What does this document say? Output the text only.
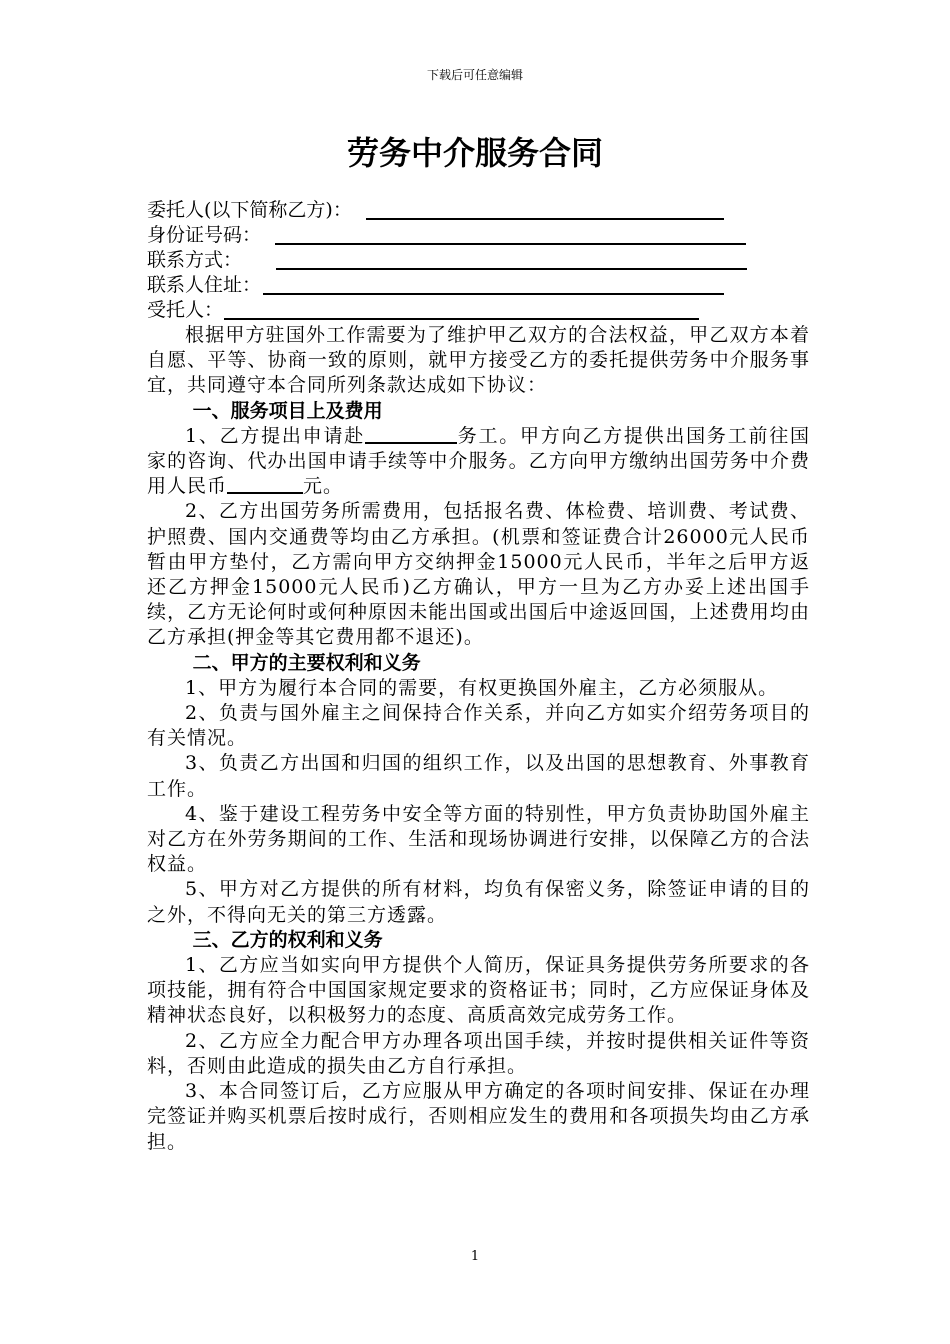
下载后可任意编辑
劳务中介服务合同
委托人(以下简称乙方)：
身份证号码：
联系方式：
联系人住址：
受托人：

根据甲方驻国外工作需要为了维护甲乙双方的合法权益，甲乙双方本着自愿、平等、协商一致的原则，就甲方接受乙方的委托提供劳务中介服务事宜，共同遵守本合同所列条款达成如下协议：

一、服务项目上及费用

1、乙方提出申请赴	务工。甲方向乙方提供出国务工前往国家的咨询、代办出国申请手续等中介服务。乙方向甲方缴纳出国劳务中介费用人民币	元。

2、乙方出国劳务所需费用，包括报名费、体检费、培训费、考试费、护照费、国内交通费等均由乙方承担。(机票和签证费合计26000元人民币暂由甲方垫付，乙方需向甲方交纳押金15000元人民币，半年之后甲方返还乙方押金15000元人民币)乙方确认，甲方一旦为乙方办妥上述出国手续，乙方无论何时或何种原因未能出国或出国后中途返回国，上述费用均由乙方承担(押金等其它费用都不退还)。

二、甲方的主要权利和义务

1、甲方为履行本合同的需要，有权更换国外雇主，乙方必须服从。

2、负责与国外雇主之间保持合作关系，并向乙方如实介绍劳务项目的有关情况。

3、负责乙方出国和归国的组织工作，以及出国的思想教育、外事教育工作。

4、鉴于建设工程劳务中安全等方面的特别性，甲方负责协助国外雇主对乙方在外劳务期间的工作、生活和现场协调进行安排，以保障乙方的合法权益。

5、甲方对乙方提供的所有材料，均负有保密义务，除签证申请的目的之外，不得向无关的第三方透露。

三、乙方的权利和义务

1、乙方应当如实向甲方提供个人简历，保证具务提供劳务所要求的各项技能，拥有符合中国国家规定要求的资格证书；同时，乙方应保证身体及精神状态良好，以积极努力的态度、高质高效完成劳务工作。

2、乙方应全力配合甲方办理各项出国手续，并按时提供相关证件等资料，否则由此造成的损失由乙方自行承担。

3、本合同签订后，乙方应服从甲方确定的各项时间安排、保证在办理完签证并购买机票后按时成行，否则相应发生的费用和各项损失均由乙方承担。

1
